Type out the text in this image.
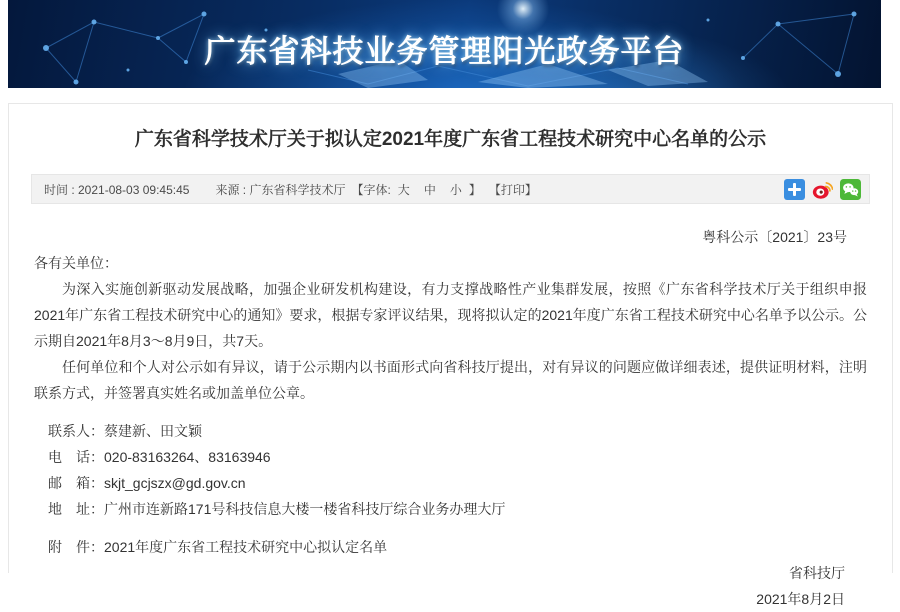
广东省科技业务管理阳光政务平台
广东省科学技术厅关于拟认定2021年度广东省工程技术研究中心名单的公示
时间 : 2021-08-03 09:45:45 来源 : 广东省科学技术厅 【字体: 大 中 小 】 【打印】
粤科公示〔2021〕23号
各有关单位：

为深入实施创新驱动发展战略，加强企业研发机构建设，有力支撑战略性产业集群发展，按照《广东省科学技术厅关于组织申报2021年广东省工程技术研究中心的通知》要求，根据专家评议结果，现将拟认定的2021年度广东省工程技术研究中心名单予以公示。公示期自2021年8月3～8月9日，共7天。

任何单位和个人对公示如有异议，请于公示期内以书面形式向省科技厅提出，对有异议的问题应做详细表述，提供证明材料，注明联系方式，并签署真实姓名或加盖单位公章。

联系人：蔡建新、田文颖
电　话：020-83163264、83163946
邮　箱：skjt_gcjszx@gd.gov.cn
地　址：广州市连新路171号科技信息大楼一楼省科技厅综合业务办理大厅
附　件：2021年度广东省工程技术研究中心拟认定名单
省科技厅
2021年8月2日
